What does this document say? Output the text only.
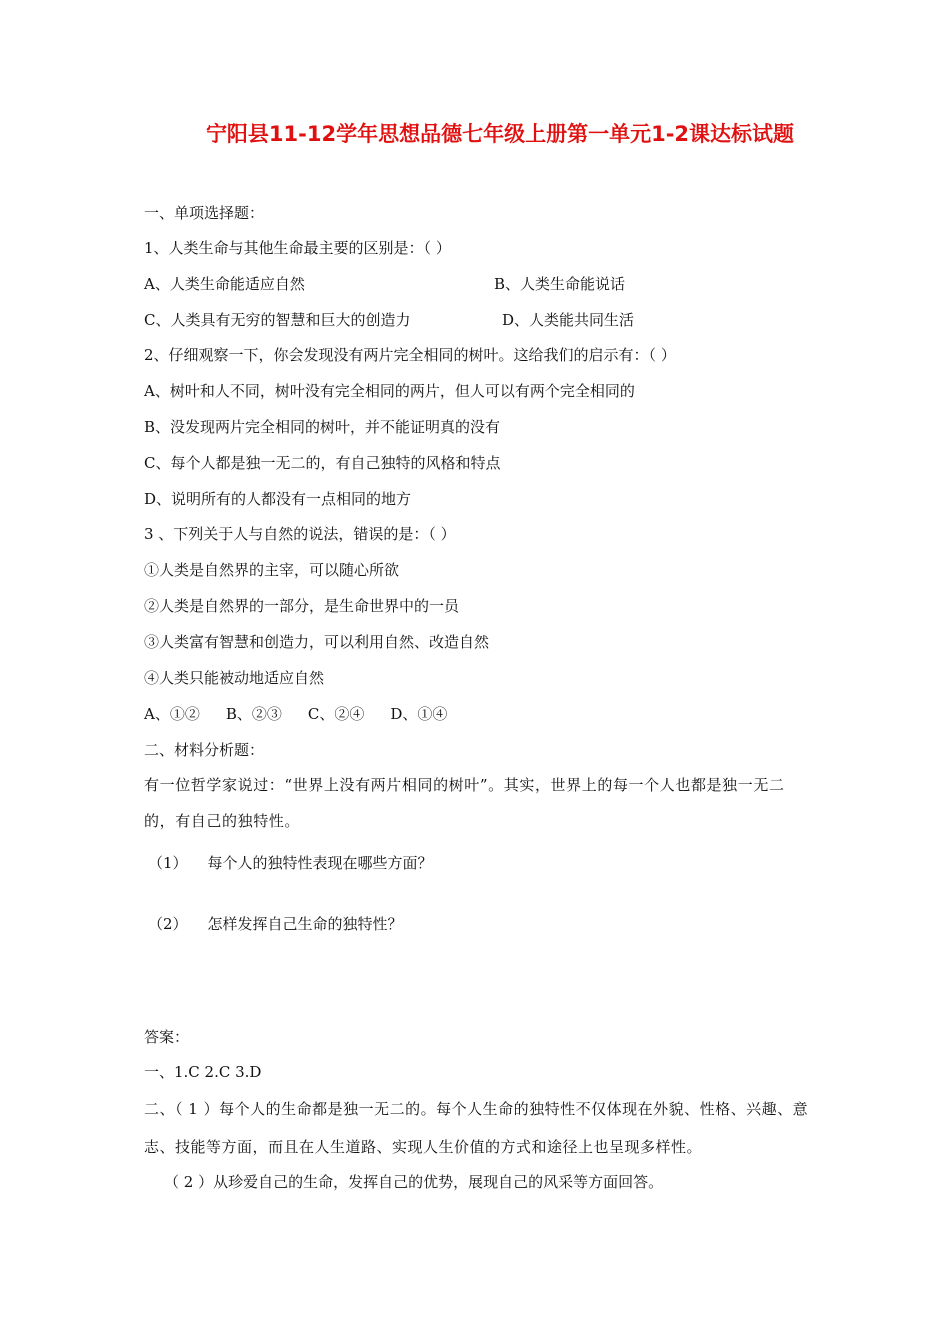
宁阳县11-12学年思想品德七年级上册第一单元1-2课达标试题
一、单项选择题：
1、人类生命与其他生命最主要的区别是：（ ）
A、人类生命能适应自然	B、人类生命能说话
C、人类具有无穷的智慧和巨大的创造力	D、人类能共同生活
2、仔细观察一下，你会发现没有两片完全相同的树叶。这给我们的启示有：（ ）
A、树叶和人不同，树叶没有完全相同的两片，但人可以有两个完全相同的
B、没发现两片完全相同的树叶，并不能证明真的没有
C、每个人都是独一无二的，有自己独特的风格和特点
D、说明所有的人都没有一点相同的地方
3 、下列关于人与自然的说法，错误的是：（ ）
①人类是自然界的主宰，可以随心所欲
②人类是自然界的一部分，是生命世界中的一员
③人类富有智慧和创造力，可以利用自然、改造自然
④人类只能被动地适应自然
A、①② B、②③ C、②④ D、①④
二、材料分析题：
有一位哲学家说过：“世界上没有两片相同的树叶”。其实，世界上的每一个人也都是独一无二的，有自己的独特性。
（1） 每个人的独特性表现在哪些方面？
（2） 怎样发挥自己生命的独特性？
答案：
一、1.C 2.C 3.D
二、（ 1 ）每个人的生命都是独一无二的。每个人生命的独特性不仅体现在外貌、性格、兴趣、意志、技能等方面，而且在人生道路、实现人生价值的方式和途径上也呈现多样性。
（ 2 ）从珍爱自己的生命，发挥自己的优势，展现自己的风采等方面回答。
